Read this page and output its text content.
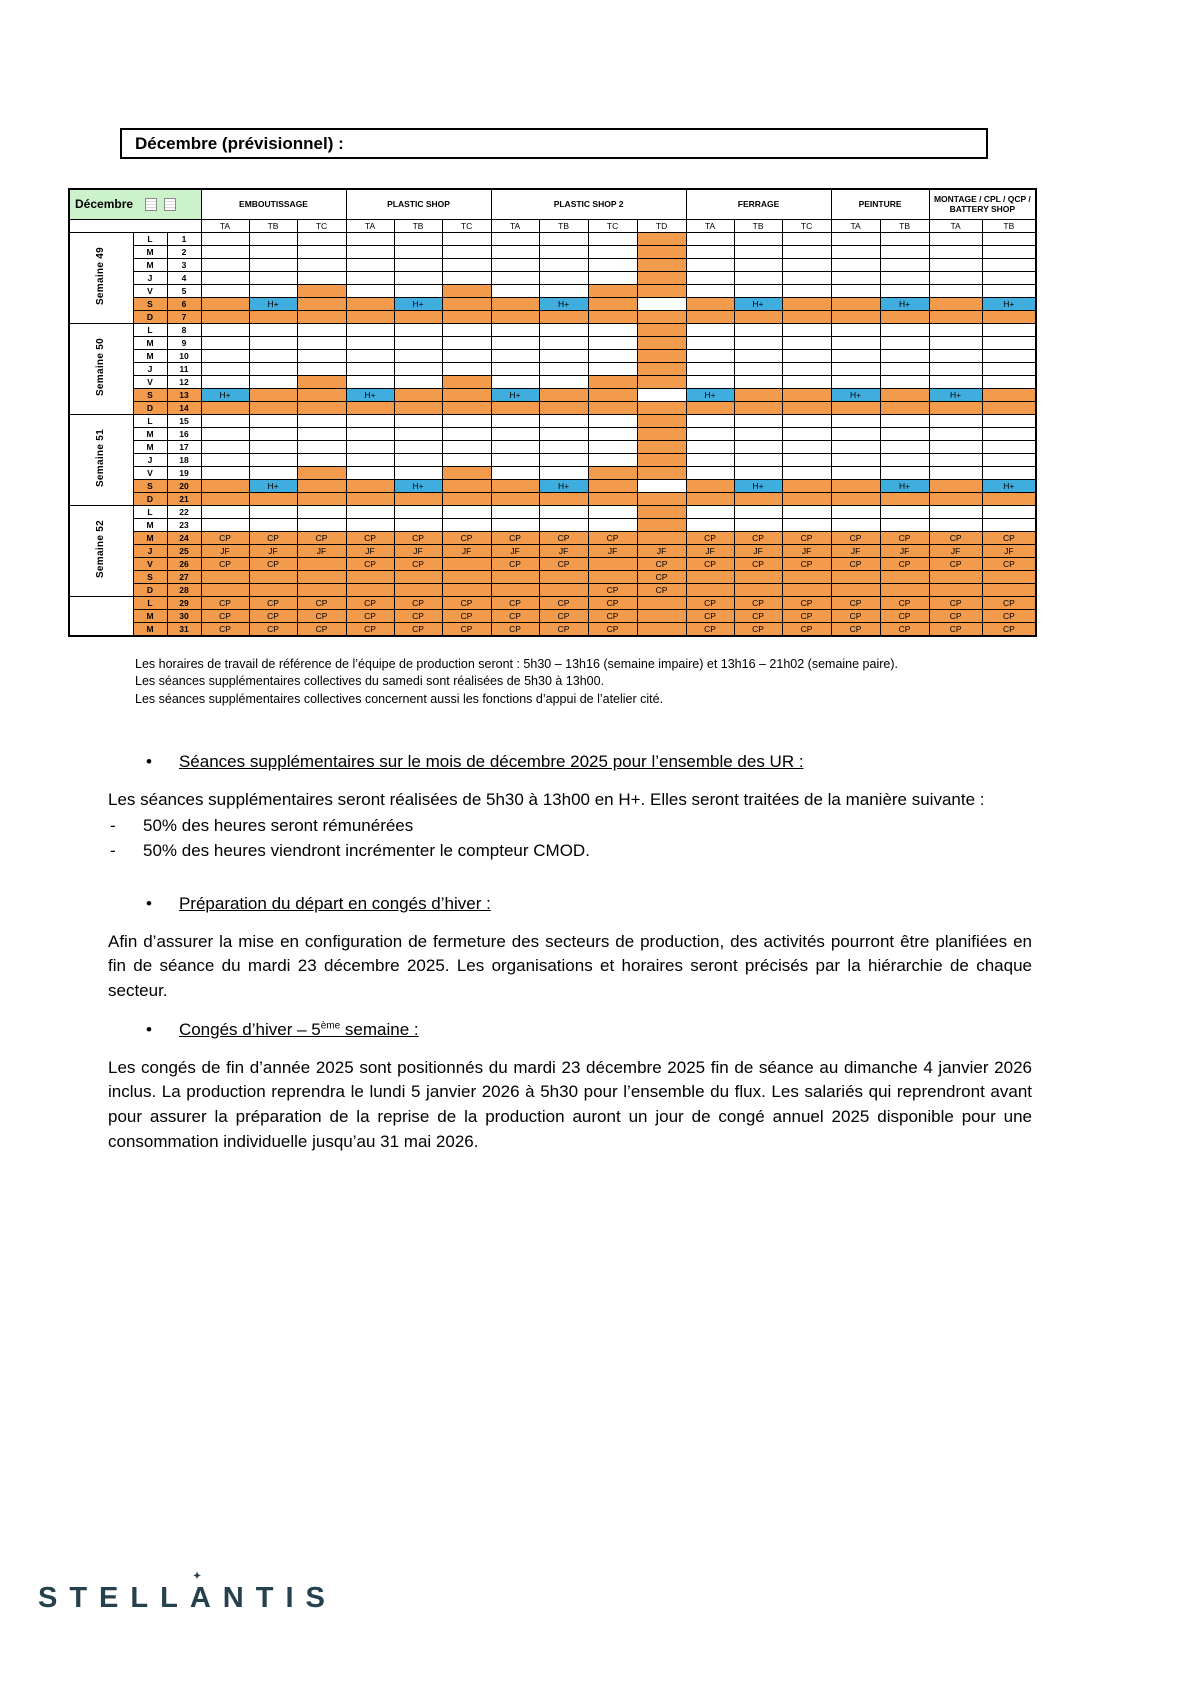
Décembre (prévisionnel) :
Décembre			EMBOUTISSAGE			PLASTIC SHOP			PLASTIC SHOP 2				FERRAGE			PEINTURE		MONTAGE / CPL / QCP / BATTERY SHOP	
			TA	TB	TC	TA	TB	TC	TA	TB	TC	TD	TA	TB	TC	TA	TB	TA	TB
Semaine 49	L	1																	
	M	2																	
	M	3																	
	J	4																	
	V	5																	
	S	6		H+			H+			H+				H+			H+		H+
	D	7																	
Semaine 50	L	8																	
	M	9																	
	M	10																	
	J	11																	
	V	12																	
	S	13	H+			H+			H+				H+			H+		H+	
	D	14																	
Semaine 51	L	15																	
	M	16																	
	M	17																	
	J	18																	
	V	19																	
	S	20		H+			H+			H+				H+			H+		H+
	D	21																	
Semaine 52	L	22																	
	M	23																	
	M	24	CP	CP	CP	CP	CP	CP	CP	CP	CP		CP	CP	CP	CP	CP	CP	CP
	J	25	JF	JF	JF	JF	JF	JF	JF	JF	JF	JF	JF	JF	JF	JF	JF	JF	JF
	V	26	CP	CP		CP	CP		CP	CP		CP	CP	CP	CP	CP	CP	CP	CP
	S	27										CP							
	D	28									CP	CP							
	L	29	CP	CP	CP	CP	CP	CP	CP	CP	CP		CP	CP	CP	CP	CP	CP	CP
	M	30	CP	CP	CP	CP	CP	CP	CP	CP	CP		CP	CP	CP	CP	CP	CP	CP
	M	31	CP	CP	CP	CP	CP	CP	CP	CP	CP		CP	CP	CP	CP	CP	CP	CP
Les horaires de travail de référence de l’équipe de production seront : 5h30 – 13h16 (semaine impaire) et 13h16 – 21h02 (semaine paire).
Les séances supplémentaires collectives du samedi sont réalisées de 5h30 à 13h00.
Les séances supplémentaires collectives concernent aussi les fonctions d’appui de l’atelier cité.
• Séances supplémentaires sur le mois de décembre 2025 pour l’ensemble des UR :

Les séances supplémentaires seront réalisées de 5h30 à 13h00 en H+. Elles seront traitées de la manière suivante :

-	50% des heures seront rémunérées
-	50% des heures viendront incrémenter le compteur CMOD.
• Préparation du départ en congés d’hiver :

Afin d’assurer la mise en configuration de fermeture des secteurs de production, des activités pourront être planifiées en fin de séance du mardi 23 décembre 2025. Les organisations et horaires seront précisés par la hiérarchie de chaque secteur.

• Congés d’hiver – 5ème semaine :

Les congés de fin d’année 2025 sont positionnés du mardi 23 décembre 2025 fin de séance au dimanche 4 janvier 2026 inclus. La production reprendra le lundi 5 janvier 2026 à 5h30 pour l’ensemble du flux. Les salariés qui reprendront avant pour assurer la préparation de la reprise de la production auront un jour de congé annuel 2025 disponible pour une consommation individuelle jusqu’au 31 mai 2026.

STELL A
✦
NTIS
